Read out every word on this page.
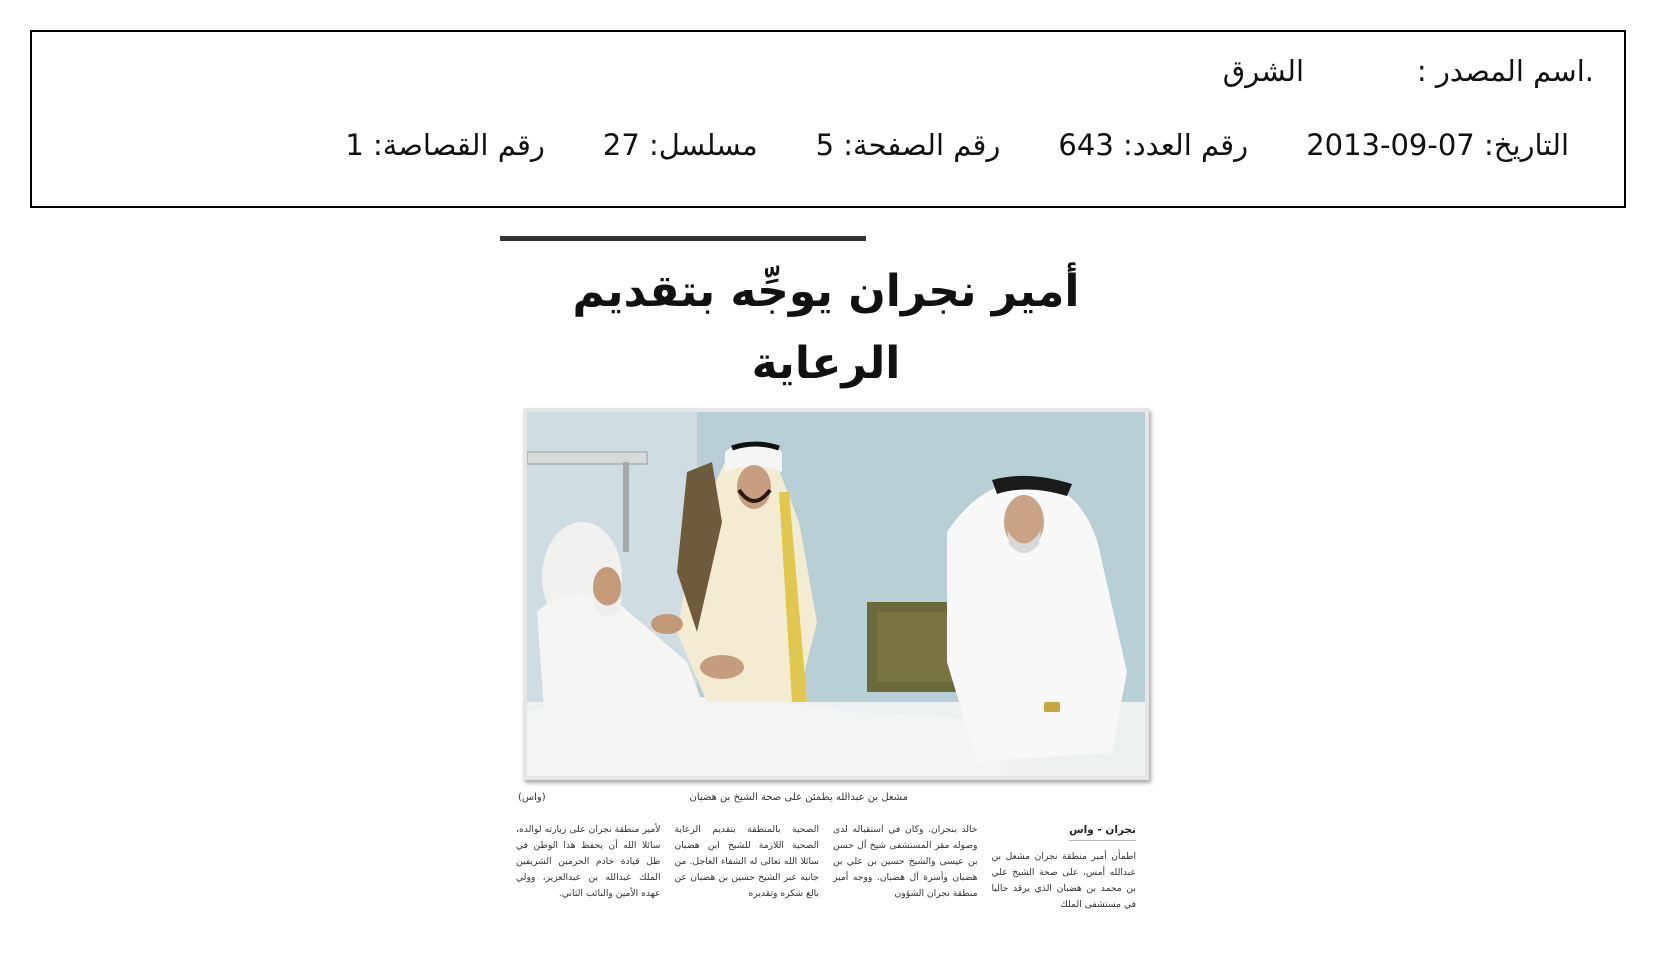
.اسم المصدر :
الشرق
التاريخ: 2013-09-07
رقم العدد: 643
رقم الصفحة: 5
مسلسل: 27
رقم القصاصة: 1
أمير نجران يوجِّه بتقديم الرعاية
مشعل بن عبدالله يطمئن على صحة الشيخ بن هضبان
(واس)
نجران - واس
اطمأن أمير منطقة نجران مشعل بن عبدالله أمس، على صحة الشيخ علي بن محمد بن هضبان الذي يرقد حاليا في مستشفى الملك
خالد بنجران. وكان في استقباله لدى وصوله مقر المستشفى شيخ آل حسن بن عيسى والشيخ حسين بن علي بن هضبان وأسرة آل هضبان. ووجه أمير منطقة نجران الشؤون
الصحية بالمنطقة بتقديم الرعاية الصحية اللازمة للشيخ ابن هضبان سائلا الله تعالى له الشفاء العاجل. من جانبه عبر الشيخ حسين بن هضبان عن بالغ شكره وتقديره
لأمير منطقة نجران على زيارته لوالده، سائلا الله أن يحفظ هذا الوطن في ظل قيادة خادم الحرمين الشريفين الملك عبدالله بن عبدالعزيز، وولي عهده الأمين والنائب الثاني.
